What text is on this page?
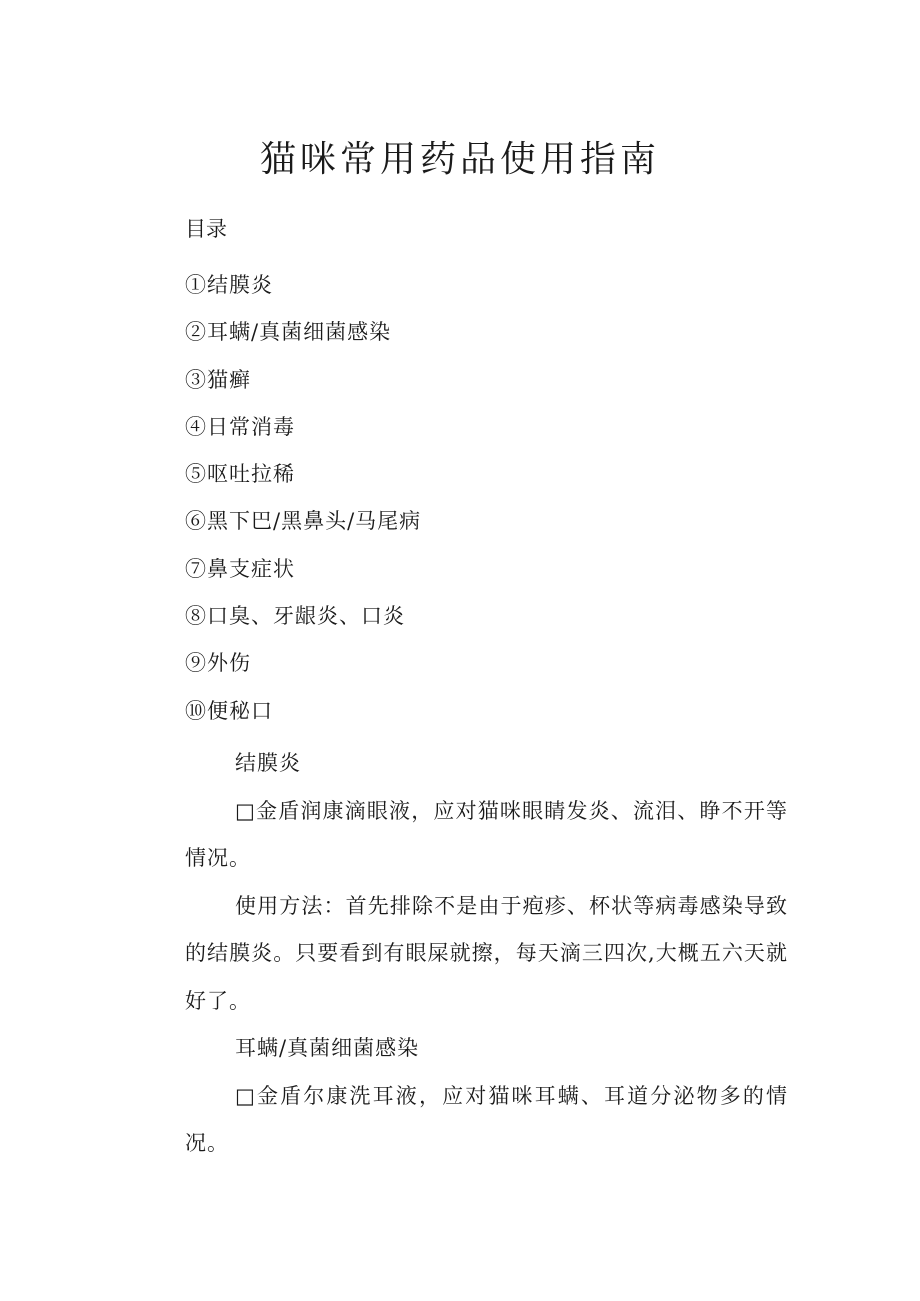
猫咪常用药品使用指南
目录
①结膜炎
②耳螨/真菌细菌感染
③猫癣
④日常消毒
⑤呕吐拉稀
⑥黑下巴/黑鼻头/马尾病
⑦鼻支症状
⑧口臭、牙龈炎、口炎
⑨外伤
⑩便秘口
结膜炎

□金盾润康滴眼液，应对猫咪眼睛发炎、流泪、睁不开等情况。

使用方法：首先排除不是由于疱疹、杯状等病毒感染导致的结膜炎。只要看到有眼屎就擦，每天滴三四次,大概五六天就好了。

耳螨/真菌细菌感染

□金盾尔康洗耳液，应对猫咪耳螨、耳道分泌物多的情况。
